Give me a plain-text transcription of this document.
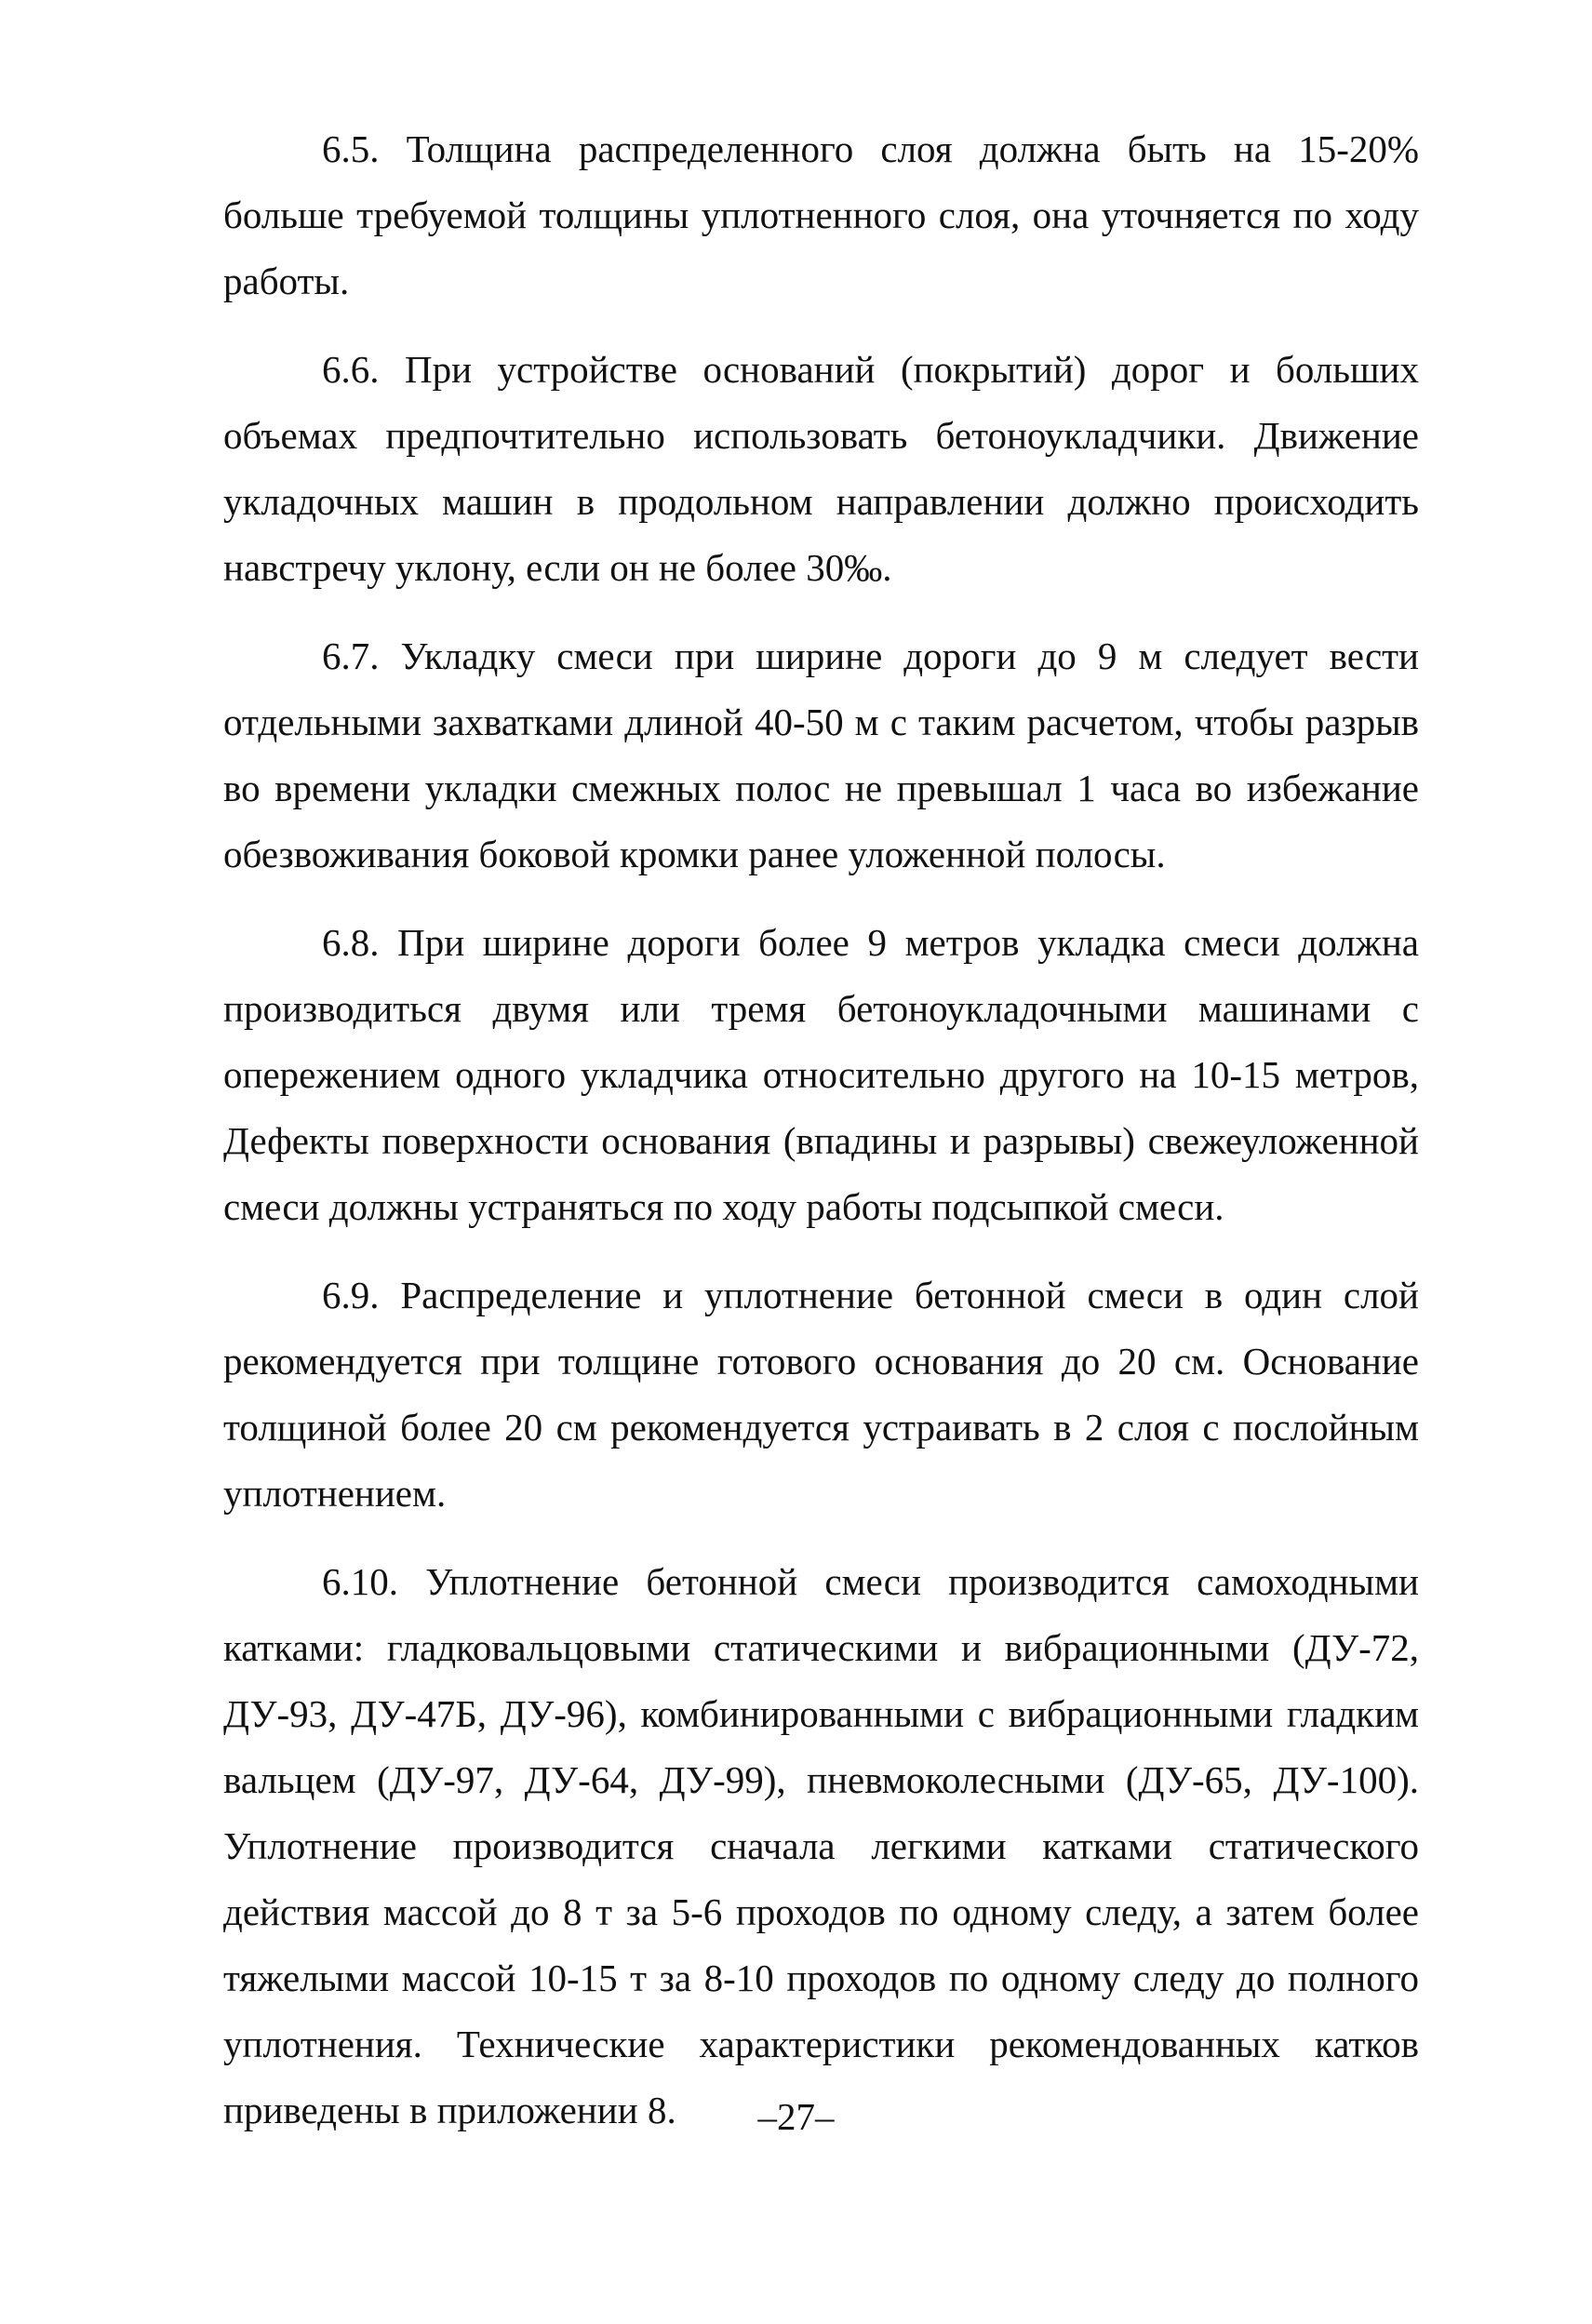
6.5. Толщина распределенного слоя должна быть на 15-20% больше требуемой толщины уплотненного слоя, она уточняется по ходу работы.

6.6. При устройстве оснований (покрытий) дорог и больших объемах предпочтительно использовать бетоноукладчики. Движение укладочных машин в продольном направлении должно происходить навстречу уклону, если он не более 30‰.

6.7. Укладку смеси при ширине дороги до 9 м следует вести отдельными захватками длиной 40-50 м с таким расчетом, чтобы разрыв во времени укладки смежных полос не превышал 1 часа во избежание обезвоживания боковой кромки ранее уложенной полосы.

6.8. При ширине дороги более 9 метров укладка смеси должна производиться двумя или тремя бетоноукладочными машинами с опережением одного укладчика относительно другого на 10-15 метров, Дефекты поверхности основания (впадины и разрывы) свежеуложенной смеси должны устраняться по ходу работы подсыпкой смеси.

6.9. Распределение и уплотнение бетонной смеси в один слой рекомендуется при толщине готового основания до 20 см. Основание толщиной более 20 см рекомендуется устраивать в 2 слоя с послойным уплотнением.

6.10. Уплотнение бетонной смеси производится самоходными катками: гладковальцовыми статическими и вибрационными (ДУ-72, ДУ-93, ДУ-47Б, ДУ-96), комбинированными с вибрационными гладким вальцем (ДУ-97, ДУ-64, ДУ-99), пневмоколесными (ДУ-65, ДУ-100). Уплотнение производится сначала легкими катками статического действия массой до 8 т за 5-6 проходов по одному следу, а затем более тяжелыми массой 10-15 т за 8-10 проходов по одному следу до полного уплотнения. Технические характеристики рекомендованных катков приведены в приложении 8.	–27–
